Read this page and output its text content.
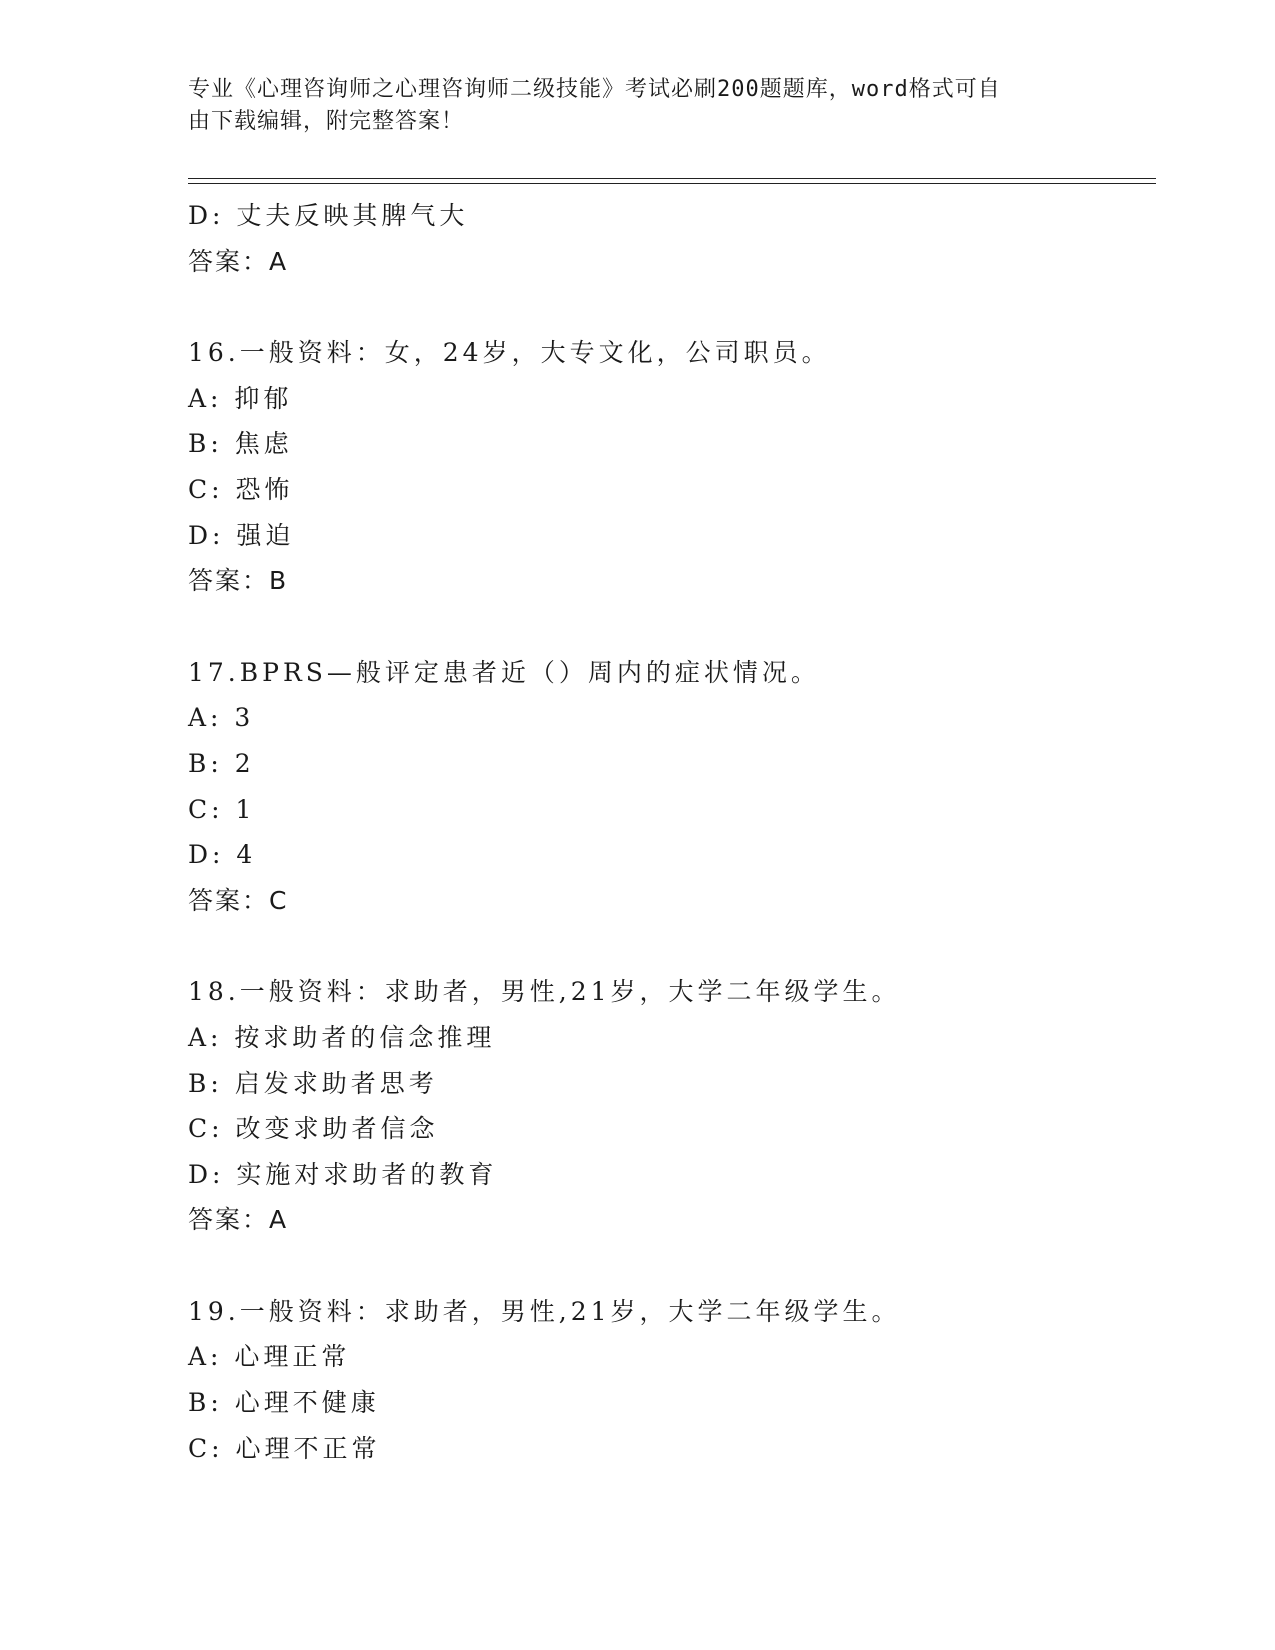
专业《心理咨询师之心理咨询师二级技能》考试必刷200题题库，word格式可自
由下载编辑，附完整答案！
D: 丈夫反映其脾气大
答案：A
16.一般资料：女，24岁，大专文化，公司职员。
A: 抑郁
B: 焦虑
C: 恐怖
D: 强迫
答案：B
17.BPRS—般评定患者近（）周内的症状情况。
A: 3
B: 2
C: 1
D: 4
答案：C
18.一般资料：求助者，男性,21岁，大学二年级学生。
A: 按求助者的信念推理
B: 启发求助者思考
C: 改变求助者信念
D: 实施对求助者的教育
答案：A
19.一般资料：求助者，男性,21岁，大学二年级学生。
A: 心理正常
B: 心理不健康
C: 心理不正常
